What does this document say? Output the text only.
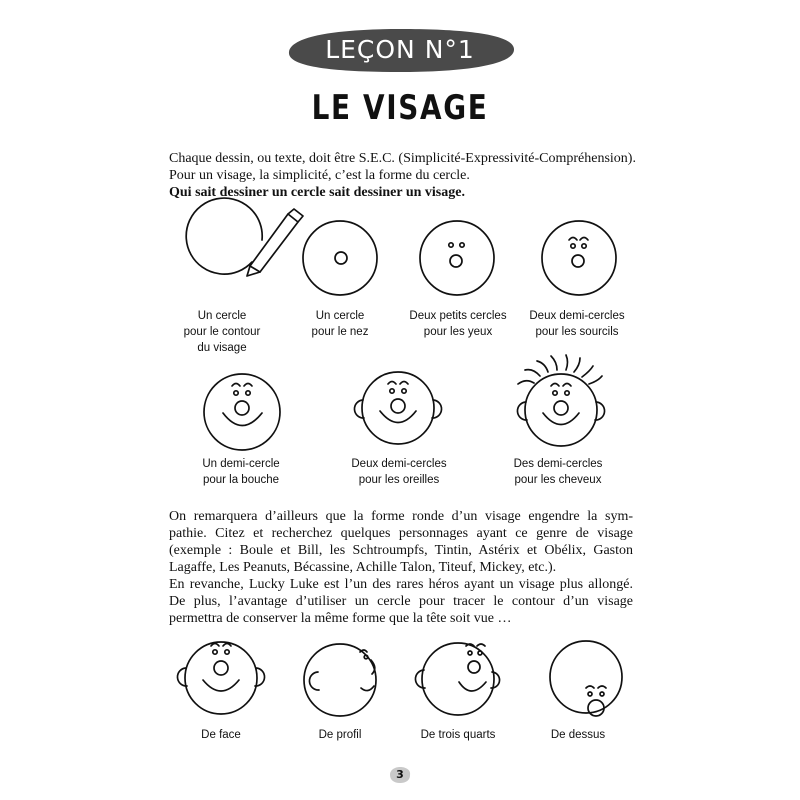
LEÇON N°1
LE VISAGE
Chaque dessin, ou texte, doit être S.E.C. (Simplicité-Expressivité-Compréhension).
Pour un visage, la simplicité, c’est la forme du cercle.
Qui sait dessiner un cercle sait dessiner un visage.
Un cercle
pour le contour
du visage
Un cercle
pour le nez
Deux petits cercles
pour les yeux
Deux demi-cercles
pour les sourcils
Un demi-cercle
pour la bouche
Deux demi-cercles
pour les oreilles
Des demi-cercles
pour les cheveux
On remarquera d’ailleurs que la forme ronde d’un visage engendre la sym-
pathie. Citez et recherchez quelques personnages ayant ce genre de visage
(exemple : Boule et Bill, les Schtroumpfs, Tintin, Astérix et Obélix, Gaston
Lagaffe, Les Peanuts, Bécassine, Achille Talon, Titeuf, Mickey, etc.).
En revanche, Lucky Luke est l’un des rares héros ayant un visage plus allongé.
De plus, l’avantage d’utiliser un cercle pour tracer le contour d’un visage
permettra de conserver la même forme que la tête soit vue …
De face	De profil	De trois quarts	De dessus
3
